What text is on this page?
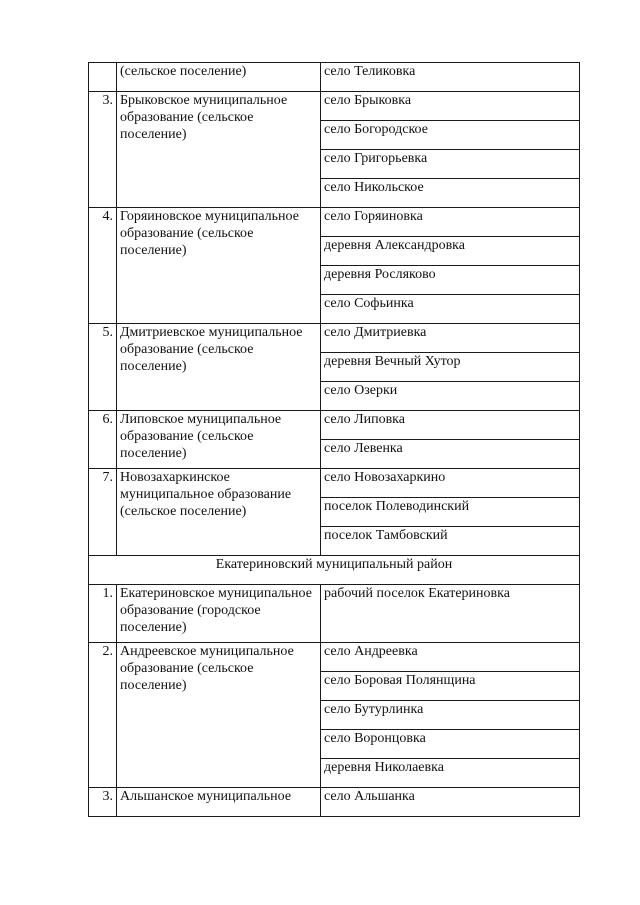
	(сельское поселение)	село Теликовка
3.	Брыковское муниципальное образование (сельское поселение)	село Брыковка
		село Богородское
		село Григорьевка
		село Никольское
4.	Горяиновское муниципальное образование (сельское поселение)	село Горяиновка
		деревня Александровка
		деревня Росляково
		село Софьинка
5.	Дмитриевское муниципальное образование (сельское поселение)	село Дмитриевка
		деревня Вечный Хутор
		село Озерки
6.	Липовское муниципальное образование (сельское поселение)	село Липовка
		село Левенка
7.	Новозахаркинское муниципальное образование (сельское поселение)	село Новозахаркино
		поселок Полеводинский
		поселок Тамбовский
Екатериновский муниципальный район		
1.	Екатериновское муниципальное образование (городское поселение)	рабочий поселок Екатериновка
2.	Андреевское муниципальное образование (сельское поселение)	село Андреевка
		село Боровая Полянщина
		село Бутурлинка
		село Воронцовка
		деревня Николаевка
3.	Альшанское муниципальное	село Альшанка
